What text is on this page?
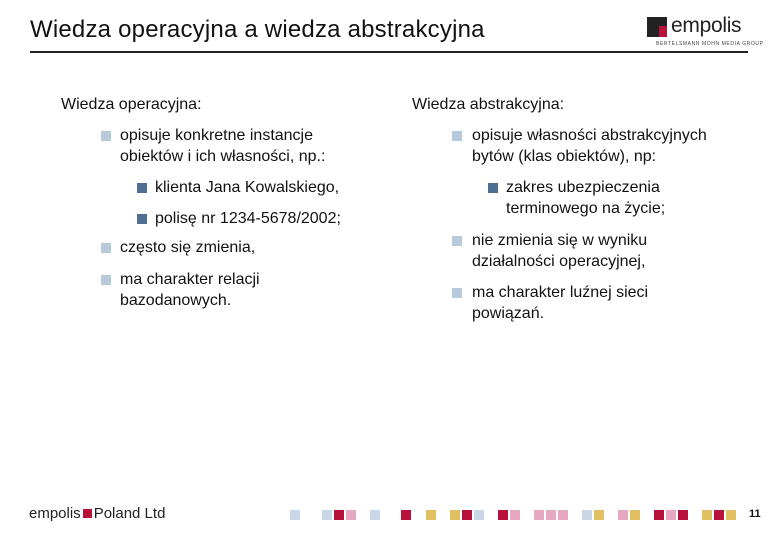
Wiedza operacyjna a wiedza abstrakcyjna	empolis
BERTELSMANN MOHN MEDIA GROUP
Wiedza operacyjna:
opisuje konkretne instancje
obiektów i ich własności, np.:
klienta Jana Kowalskiego,
polisę nr 1234-5678/2002;
często się zmienia,
ma charakter relacji
bazodanowych.
Wiedza abstrakcyjna:
opisuje własności abstrakcyjnych
bytów (klas obiektów), np:
zakres ubezpieczenia
terminowego na życie;
nie zmienia się w wyniku
działalności operacyjnej,
ma charakter luźnej sieci
powiązań.
empolis Poland Ltd	11
